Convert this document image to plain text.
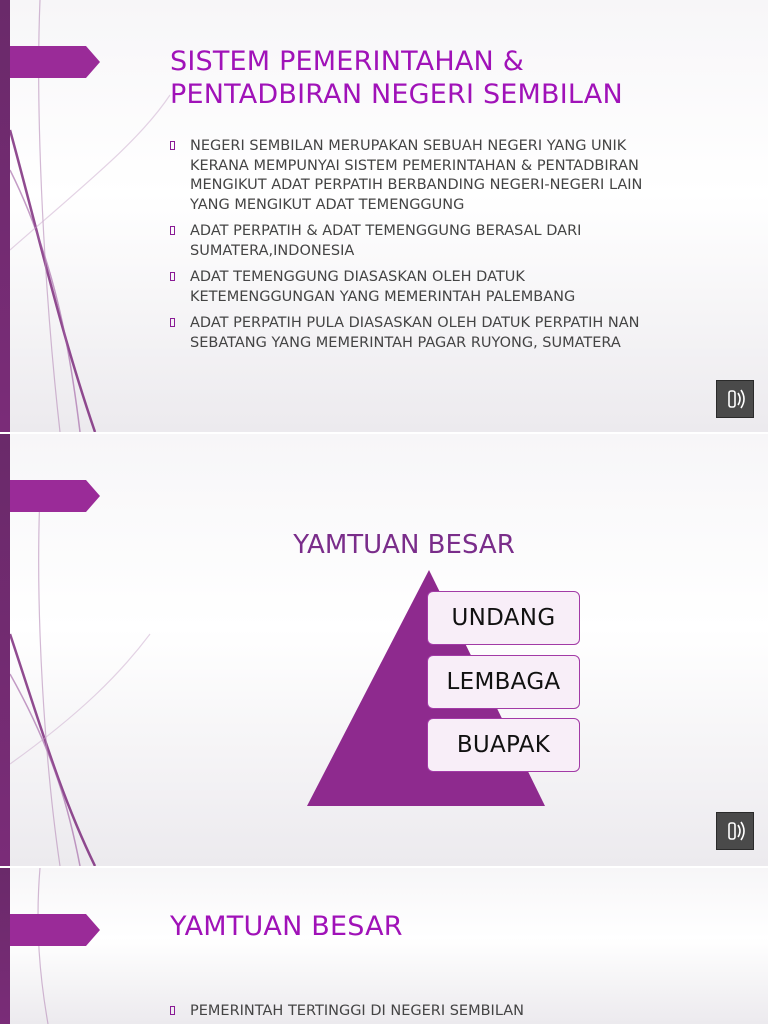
SISTEM PEMERINTAHAN &
PENTADBIRAN NEGERI SEMBILAN
NEGERI SEMBILAN MERUPAKAN SEBUAH NEGERI YANG UNIK
KERANA MEMPUNYAI SISTEM PEMERINTAHAN & PENTADBIRAN
MENGIKUT ADAT PERPATIH BERBANDING NEGERI-NEGERI LAIN
YANG MENGIKUT ADAT TEMENGGUNG
ADAT PERPATIH & ADAT TEMENGGUNG BERASAL DARI
SUMATERA,INDONESIA
ADAT TEMENGGUNG DIASASKAN OLEH DATUK
KETEMENGGUNGAN YANG MEMERINTAH PALEMBANG
ADAT PERPATIH PULA DIASASKAN OLEH DATUK PERPATIH NAN
SEBATANG YANG MEMERINTAH PAGAR RUYONG, SUMATERA
YAMTUAN BESAR
UNDANG
LEMBAGA
BUAPAK
YAMTUAN BESAR
PEMERINTAH TERTINGGI DI NEGERI SEMBILAN
